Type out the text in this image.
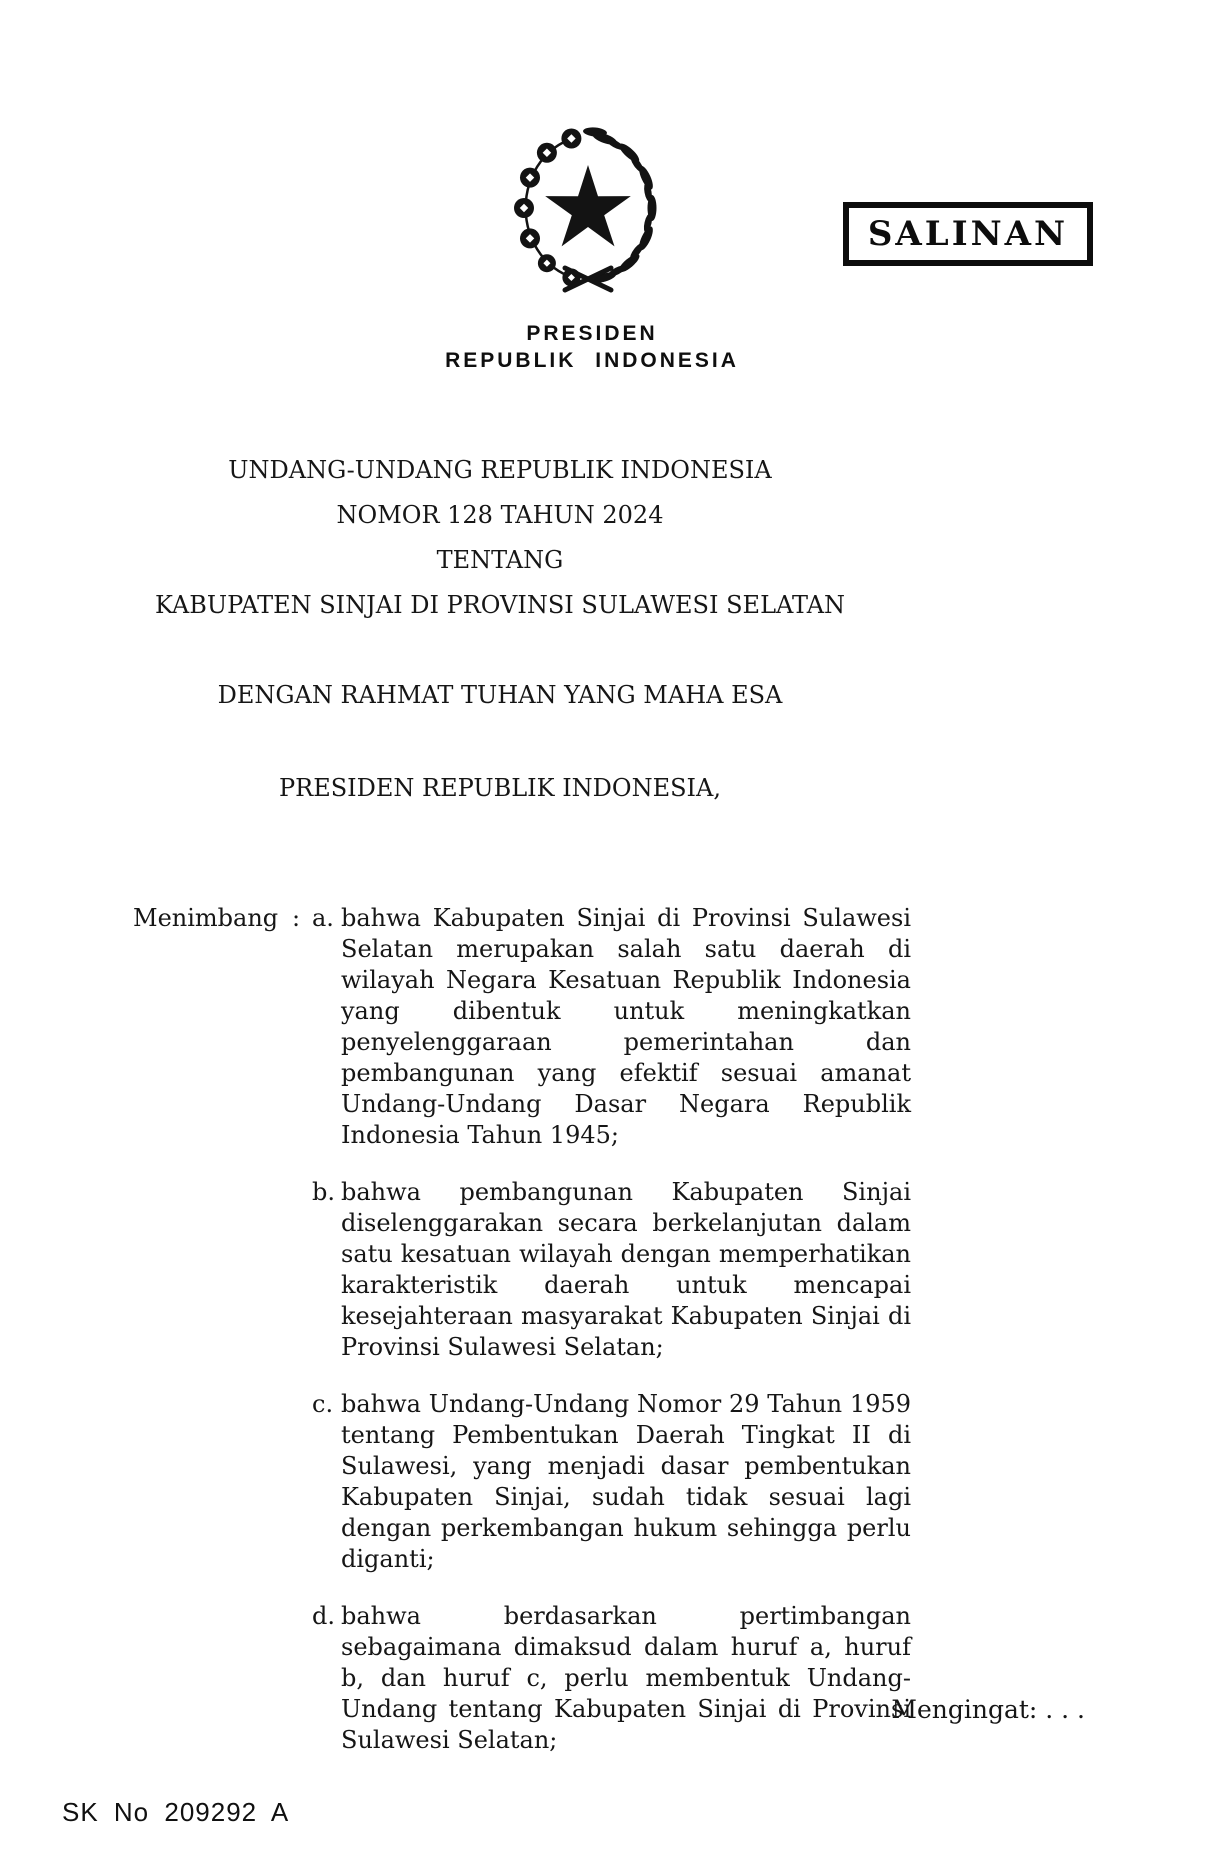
PRESIDEN
REPUBLIK INDONESIA
SALINAN
UNDANG-UNDANG REPUBLIK INDONESIA
NOMOR 128 TAHUN 2024
TENTANG
KABUPATEN SINJAI DI PROVINSI SULAWESI SELATAN
DENGAN RAHMAT TUHAN YANG MAHA ESA
PRESIDEN REPUBLIK INDONESIA,
Menimbang : a. bahwa Kabupaten Sinjai di Provinsi Sulawesi Selatan merupakan salah satu daerah di wilayah Negara Kesatuan Republik Indonesia yang dibentuk untuk meningkatkan penyelenggaraan pemerintahan dan pembangunan yang efektif sesuai amanat Undang-Undang Dasar Negara Republik Indonesia Tahun 1945;
b. bahwa pembangunan Kabupaten Sinjai diselenggarakan secara berkelanjutan dalam satu kesatuan wilayah dengan memperhatikan karakteristik daerah untuk mencapai kesejahteraan masyarakat Kabupaten Sinjai di Provinsi Sulawesi Selatan;
c. bahwa Undang-Undang Nomor 29 Tahun 1959 tentang Pembentukan Daerah Tingkat II di Sulawesi, yang menjadi dasar pembentukan Kabupaten Sinjai, sudah tidak sesuai lagi dengan perkembangan hukum sehingga perlu diganti;
d. bahwa berdasarkan pertimbangan sebagaimana dimaksud dalam huruf a, huruf b, dan huruf c, perlu membentuk Undang-Undang tentang Kabupaten Sinjai di Provinsi Sulawesi Selatan;
Mengingat: . . .
SK No 209292 A
